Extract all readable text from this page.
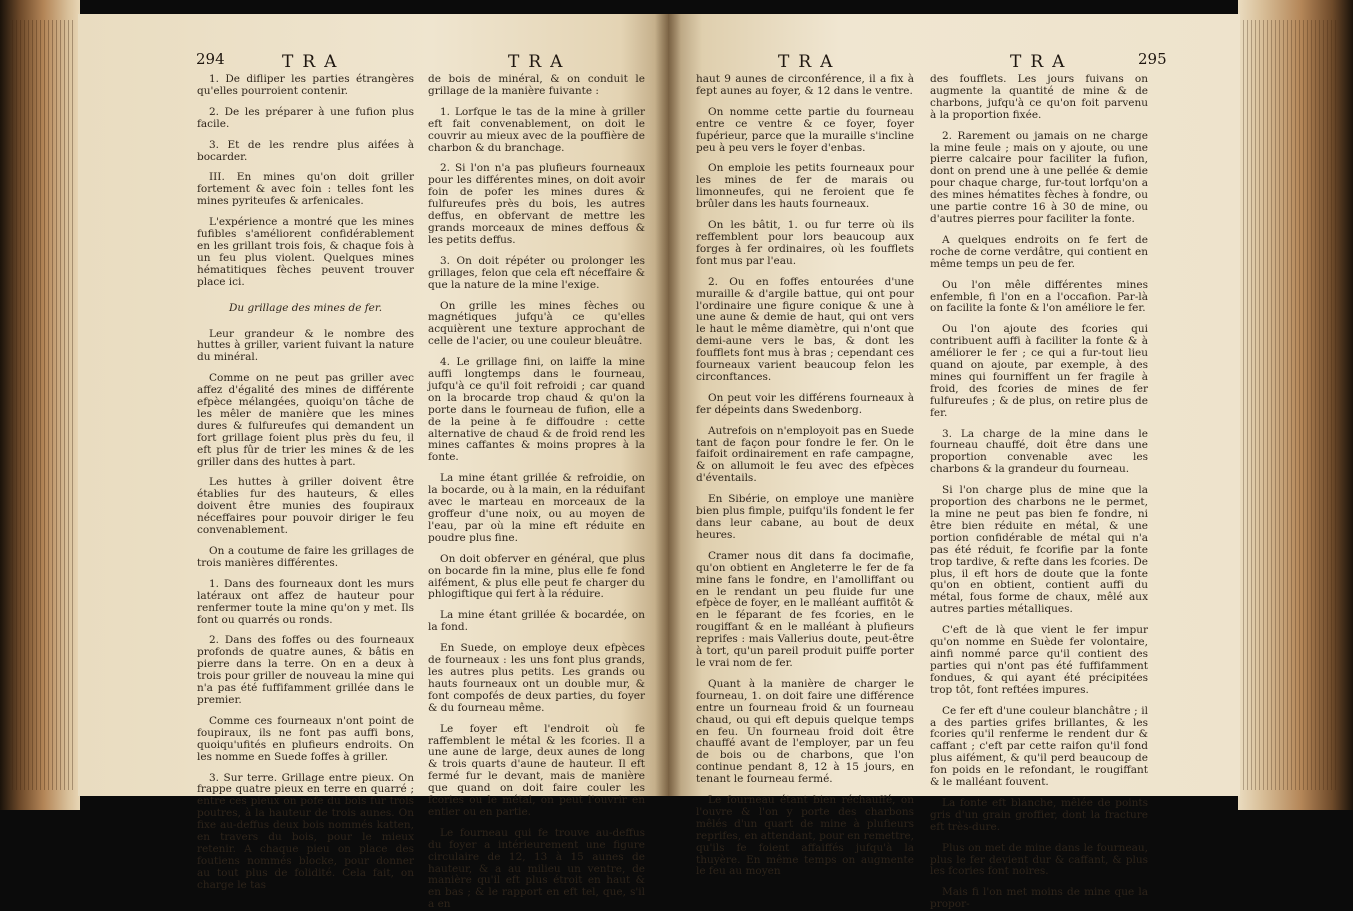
294	TRA	TRA	TRA	TRA	295

1. De difliper les parties étrangères qu'elles pourroient contenir.

2. De les préparer à une fufion plus facile.

3. Et de les rendre plus aifées à bocarder.

III. En mines qu'on doit griller fortement & avec foin : telles font les mines pyriteufes & arfenicales.

L'expérience a montré que les mines fufibles s'améliorent confidérablement en les grillant trois fois, & chaque fois à un feu plus violent. Quelques mines hématitiques fèches peuvent trouver place ici.

Du grillage des mines de fer.

Leur grandeur & le nombre des huttes à griller, varient fuivant la nature du minéral.

Comme on ne peut pas griller avec affez d'égalité des mines de différente efpèce mélangées, quoiqu'on tâche de les mêler de manière que les mines dures & fulfureufes qui demandent un fort grillage foient plus près du feu, il eft plus fûr de trier les mines & de les griller dans des huttes à part.

Les huttes à griller doivent être établies fur des hauteurs, & elles doivent être munies des foupiraux néceffaires pour pouvoir diriger le feu convenablement.

On a coutume de faire les grillages de trois manières différentes.

1. Dans des fourneaux dont les murs latéraux ont affez de hauteur pour renfermer toute la mine qu'on y met. Ils font ou quarrés ou ronds.

2. Dans des foffes ou des fourneaux profonds de quatre aunes, & bâtis en pierre dans la terre. On en a deux à trois pour griller de nouveau la mine qui n'a pas été fuffifamment grillée dans le premier.

Comme ces fourneaux n'ont point de foupiraux, ils ne font pas auffi bons, quoiqu'ufités en plufieurs endroits. On les nomme en Suede foffes à griller.

3. Sur terre. Grillage entre pieux. On frappe quatre pieux en terre en quarré ; entre ces pieux on pofe du bois fur trois poutres, à la hauteur de trois aunes. On fixe au-deffus deux bois nommés katten, en travers du bois, pour le mieux retenir. A chaque pieu on place des foutiens nommés blocke, pour donner au tout plus de folidité. Cela fait, on charge le tas

de bois de minéral, & on conduit le grillage de la manière fuivante :

1. Lorfque le tas de la mine à griller eft fait convenablement, on doit le couvrir au mieux avec de la pouffière de charbon & du branchage.

2. Si l'on n'a pas plufieurs fourneaux pour les différentes mines, on doit avoir foin de pofer les mines dures & fulfureufes près du bois, les autres deffus, en obfervant de mettre les grands morceaux de mines deffous & les petits deffus.

3. On doit répéter ou prolonger les grillages, felon que cela eft néceffaire & que la nature de la mine l'exige.

On grille les mines fèches ou magnétiques jufqu'à ce qu'elles acquièrent une texture approchant de celle de l'acier, ou une couleur bleuâtre.

4. Le grillage fini, on laiffe la mine auffi longtemps dans le fourneau, jufqu'à ce qu'il foit refroidi ; car quand on la brocarde trop chaud & qu'on la porte dans le fourneau de fufion, elle a de la peine à fe diffoudre : cette alternative de chaud & de froid rend les mines caffantes & moins propres à la fonte.

La mine étant grillée & refroidie, on la bocarde, ou à la main, en la réduifant avec le marteau en morceaux de la groffeur d'une noix, ou au moyen de l'eau, par où la mine eft réduite en poudre plus fine.

On doit obferver en général, que plus on bocarde fin la mine, plus elle fe fond aifément, & plus elle peut fe charger du phlogiftique qui fert à la réduire.

La mine étant grillée & bocardée, on la fond.

En Suede, on employe deux efpèces de fourneaux : les uns font plus grands, les autres plus petits. Les grands ou hauts fourneaux ont un double mur, & font compofés de deux parties, du foyer & du fourneau même.

Le foyer eft l'endroit où fe raffemblent le métal & les fcories. Il a une aune de large, deux aunes de long & trois quarts d'aune de hauteur. Il eft fermé fur le devant, mais de manière que quand on doit faire couler les fcories ou le métal, on peut l'ouvrir en entier ou en partie.

Le fourneau qui fe trouve au-deffus du foyer a intérieurement une figure circulaire de 12, 13 à 15 aunes de hauteur, & a au milieu un ventre, de manière qu'il eft plus étroit en haut & en bas ; & le rapport en eft tel, que, s'il a en

haut 9 aunes de circonférence, il a fix à fept aunes au foyer, & 12 dans le ventre.

On nomme cette partie du fourneau entre ce ventre & ce foyer, foyer fupérieur, parce que la muraille s'incline peu à peu vers le foyer d'enbas.

On emploie les petits fourneaux pour les mines de fer de marais ou limonneufes, qui ne feroient que fe brûler dans les hauts fourneaux.

On les bâtit, 1. ou fur terre où ils reffemblent pour lors beaucoup aux forges à fer ordinaires, où les foufflets font mus par l'eau.

2. Ou en foffes entourées d'une muraille & d'argile battue, qui ont pour l'ordinaire une figure conique & une à une aune & demie de haut, qui ont vers le haut le même diamètre, qui n'ont que demi-aune vers le bas, & dont les foufflets font mus à bras ; cependant ces fourneaux varient beaucoup felon les circonftances.

On peut voir les différens fourneaux à fer dépeints dans Swedenborg.

Autrefois on n'employoit pas en Suede tant de façon pour fondre le fer. On le faifoit ordinairement en rafe campagne, & on allumoit le feu avec des efpèces d'éventails.

En Sibérie, on employe une manière bien plus fimple, puifqu'ils fondent le fer dans leur cabane, au bout de deux heures.

Cramer nous dit dans fa docimafie, qu'on obtient en Angleterre le fer de fa mine fans le fondre, en l'amolliffant ou en le rendant un peu fluide fur une efpèce de foyer, en le malléant auffitôt & en le féparant de fes fcories, en le rougiffant & en le malléant à plufieurs reprifes : mais Vallerius doute, peut-être à tort, qu'un pareil produit puiffe porter le vrai nom de fer.

Quant à la manière de charger le fourneau, 1. on doit faire une différence entre un fourneau froid & un fourneau chaud, ou qui eft depuis quelque temps en feu. Un fourneau froid doit être chauffé avant de l'employer, par un feu de bois ou de charbons, que l'on continue pendant 8, 12 à 15 jours, en tenant le fourneau fermé.

Le fourneau étant bien réchauffé, on l'ouvre & l'on y porte des charbons mêlés d'un quart de mine à plufieurs reprifes, en attendant, pour en remettre, qu'ils fe foient affaiffés jufqu'à la thuyère. En même temps on augmente le feu au moyen

des foufflets. Les jours fuivans on augmente la quantité de mine & de charbons, jufqu'à ce qu'on foit parvenu à la proportion fixée.

2. Rarement ou jamais on ne charge la mine feule ; mais on y ajoute, ou une pierre calcaire pour faciliter la fufion, dont on prend une à une pellée & demie pour chaque charge, fur-tout lorfqu'on a des mines hématites fèches à fondre, ou une partie contre 16 à 30 de mine, ou d'autres pierres pour faciliter la fonte.

A quelques endroits on fe fert de roche de corne verdâtre, qui contient en même temps un peu de fer.

Ou l'on mêle différentes mines enfemble, fi l'on en a l'occafion. Par-là on facilite la fonte & l'on améliore le fer.

Ou l'on ajoute des fcories qui contribuent auffi à faciliter la fonte & à améliorer le fer ; ce qui a fur-tout lieu quand on ajoute, par exemple, à des mines qui fourniffent un fer fragile à froid, des fcories de mines de fer fulfureufes ; & de plus, on retire plus de fer.

3. La charge de la mine dans le fourneau chauffé, doit être dans une proportion convenable avec les charbons & la grandeur du fourneau.

Si l'on charge plus de mine que la proportion des charbons ne le permet, la mine ne peut pas bien fe fondre, ni être bien réduite en métal, & une portion confidérable de métal qui n'a pas été réduit, fe fcorifie par la fonte trop tardive, & refte dans les fcories. De plus, il eft hors de doute que la fonte qu'on en obtient, contient auffi du métal, fous forme de chaux, mêlé aux autres parties métalliques.

C'eft de là que vient le fer impur qu'on nomme en Suède fer volontaire, ainfi nommé parce qu'il contient des parties qui n'ont pas été fuffifamment fondues, & qui ayant été précipitées trop tôt, font reftées impures.

Ce fer eft d'une couleur blanchâtre ; il a des parties grifes brillantes, & les fcories qu'il renferme le rendent dur & caffant ; c'eft par cette raifon qu'il fond plus aifément, & qu'il perd beaucoup de fon poids en le refondant, le rougiffant & le malléant fouvent.

La fonte eft blanche, mêlée de points gris d'un grain groffier, dont la fracture eft très-dure.

Plus on met de mine dans le fourneau, plus le fer devient dur & caffant, & plus les fcories font noires.

Mais fi l'on met moins de mine que la propor-
